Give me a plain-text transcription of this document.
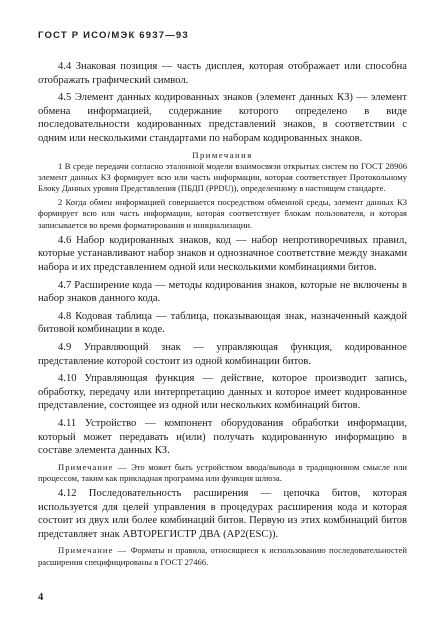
ГОСТ Р ИСО/МЭК 6937—93

4.4 Знаковая позиция — часть дисплея, которая отображает или способна отображать графический символ.

4.5 Элемент данных кодированных знаков (элемент данных КЗ) — элемент обмена информацией, содержание которого определено в виде последовательности кодированных представлений знаков, в соответствии с одним или несколькими стандартами по наборам кодированных знаков.

Примечания

1 В среде передачи согласно эталонной модели взаимосвязи открытых систем по ГОСТ 28906 элемент данных КЗ формирует всю или часть информации, которая соответствует Протокольному Блоку Данных уровня Представления (ПБДП (PPDU)), определенному в настоящем стандарте.

2 Когда обмен информацией совершается посредством обменной среды, элемент данных КЗ формирует всю или часть информации, которая соответствует блокам пользователя, и которая записывается во время форматирования и инициализации.

4.6 Набор кодированных знаков, код — набор непротиворечивых правил, которые устанавливают набор знаков и однозначное соответствие между знаками набора и их представлением одной или несколькими комбинациями битов.

4.7 Расширение кода — методы кодирования знаков, которые не включены в набор знаков данного кода.

4.8 Кодовая таблица — таблица, показывающая знак, назначенный каждой битовой комбинации в коде.

4.9 Управляющий знак — управляющая функция, кодированное представление которой состоит из одной комбинации битов.

4.10 Управляющая функция — действие, которое производит запись, обработку, передачу или интерпретацию данных и которое имеет кодированное представление, состоящее из одной или нескольких комбинаций битов.

4.11 Устройство — компонент оборудования обработки информации, который может передавать и(или) получать кодированную информацию в составе элемента данных КЗ.

Примечание — Это может быть устройством ввода/вывода в традиционном смысле или процессом, таким как прикладная программа или функция шлюза.

4.12 Последовательность расширения — цепочка битов, которая используется для целей управления в процедурах расширения кода и которая состоит из двух или более комбинаций битов. Первую из этих комбинаций битов представляет знак АВТОРЕГИСТР ДВА (АР2(ESC)).

Примечание — Форматы и правила, относящиеся к использованию последовательностей расширения специфицированы в ГОСТ 27466.

4
